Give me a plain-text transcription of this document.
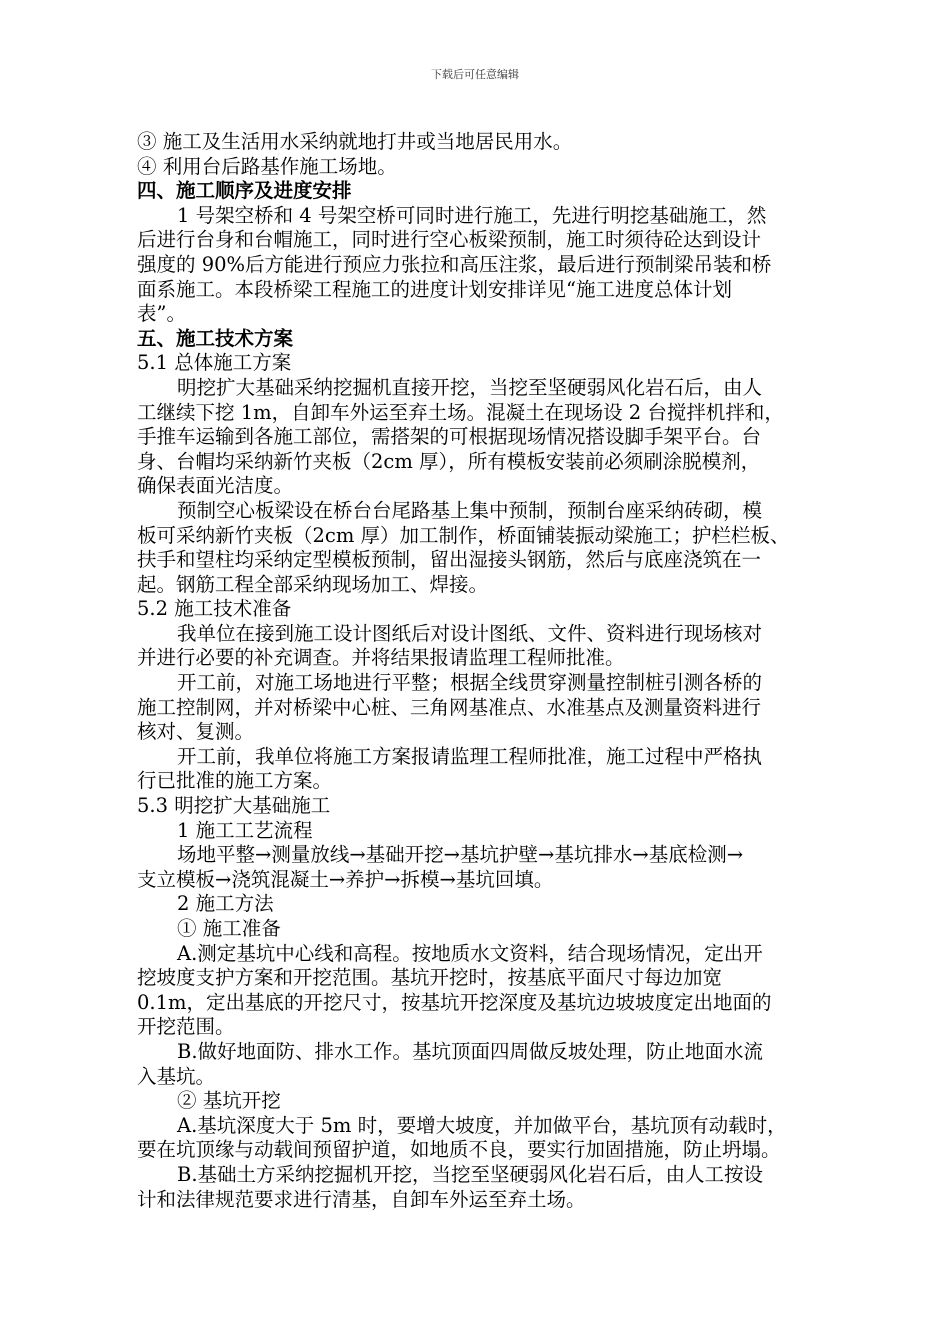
下载后可任意编辑
③ 施工及生活用水采纳就地打井或当地居民用水。
④ 利用台后路基作施工场地。
四、施工顺序及进度安排
1 号架空桥和 4 号架空桥可同时进行施工，先进行明挖基础施工，然
后进行台身和台帽施工，同时进行空心板梁预制，施工时须待砼达到设计
强度的 90%后方能进行预应力张拉和高压注浆，最后进行预制梁吊装和桥
面系施工。本段桥梁工程施工的进度计划安排详见“施工进度总体计划
表”。
五、施工技术方案
5.1 总体施工方案
明挖扩大基础采纳挖掘机直接开挖，当挖至坚硬弱风化岩石后，由人
工继续下挖 1m，自卸车外运至弃土场。混凝土在现场设 2 台搅拌机拌和，
手推车运输到各施工部位，需搭架的可根据现场情况搭设脚手架平台。台
身、台帽均采纳新竹夹板（2cm 厚），所有模板安装前必须刷涂脱模剂，
确保表面光洁度。
预制空心板梁设在桥台台尾路基上集中预制，预制台座采纳砖砌，模
板可采纳新竹夹板（2cm 厚）加工制作，桥面铺装振动梁施工；护栏栏板、
扶手和望柱均采纳定型模板预制，留出湿接头钢筋，然后与底座浇筑在一
起。钢筋工程全部采纳现场加工、焊接。
5.2 施工技术准备
我单位在接到施工设计图纸后对设计图纸、文件、资料进行现场核对
并进行必要的补充调查。并将结果报请监理工程师批准。
开工前，对施工场地进行平整；根据全线贯穿测量控制桩引测各桥的
施工控制网，并对桥梁中心桩、三角网基准点、水准基点及测量资料进行
核对、复测。
开工前，我单位将施工方案报请监理工程师批准，施工过程中严格执
行已批准的施工方案。
5.3 明挖扩大基础施工
1 施工工艺流程
场地平整→测量放线→基础开挖→基坑护壁→基坑排水→基底检测→
支立模板→浇筑混凝土→养护→拆模→基坑回填。
2 施工方法
① 施工准备
A.测定基坑中心线和高程。按地质水文资料，结合现场情况，定出开
挖坡度支护方案和开挖范围。基坑开挖时，按基底平面尺寸每边加宽
0.1m，定出基底的开挖尺寸，按基坑开挖深度及基坑边坡坡度定出地面的
开挖范围。
B.做好地面防、排水工作。基坑顶面四周做反坡处理，防止地面水流
入基坑。
② 基坑开挖
A.基坑深度大于 5m 时，要增大坡度，并加做平台，基坑顶有动载时，
要在坑顶缘与动载间预留护道，如地质不良，要实行加固措施，防止坍塌。
B.基础土方采纳挖掘机开挖，当挖至坚硬弱风化岩石后，由人工按设
计和法律规范要求进行清基，自卸车外运至弃土场。
